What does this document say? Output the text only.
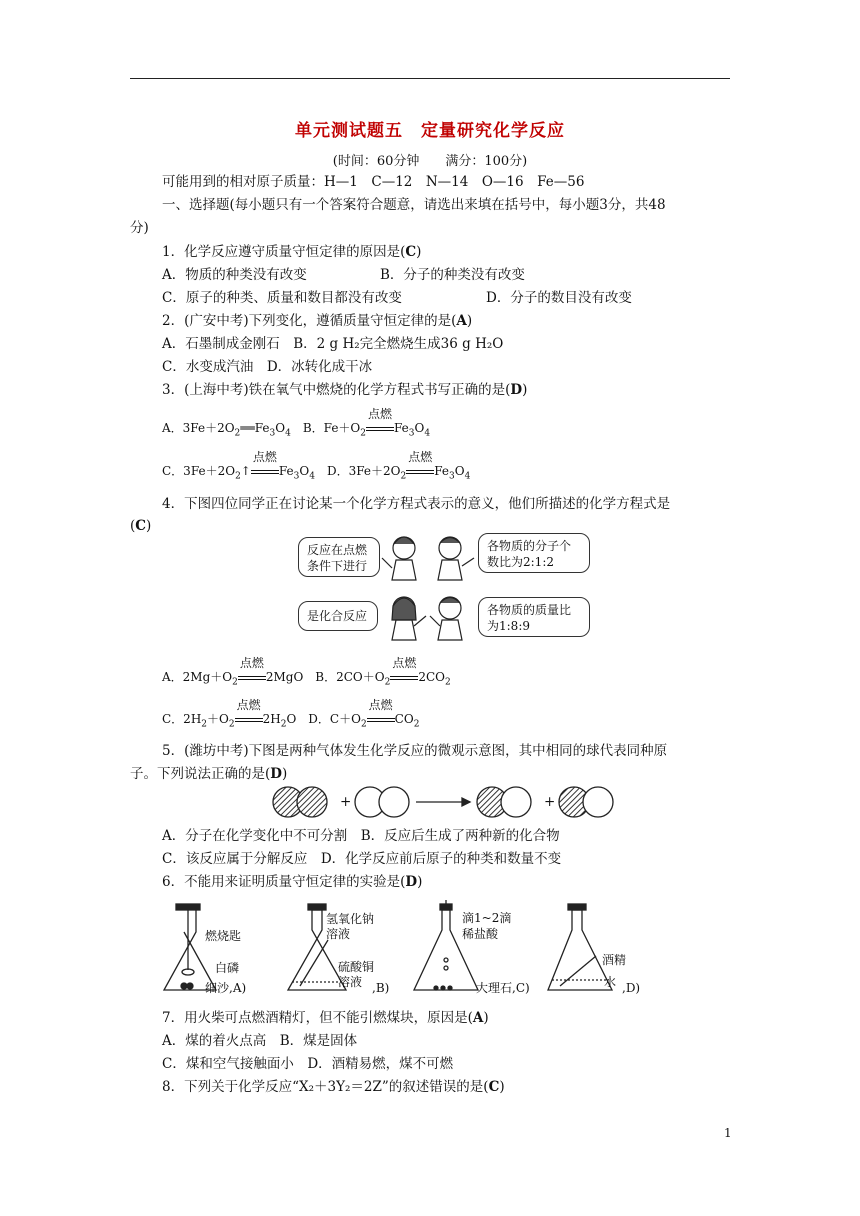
单元测试题五　定量研究化学反应
(时间：60分钟　　满分：100分)
可能用到的相对原子质量：H—1　C—12　N—14　O—16　Fe—56
一、选择题(每小题只有一个答案符合题意，请选出来填在括号中，每小题3分，共48
分)
1．化学反应遵守质量守恒定律的原因是(C)
A．物质的种类没有改变	B．分子的种类没有改变
C．原子的种类、质量和数目都没有改变	D．分子的数目没有改变
2．(广安中考)下列变化，遵循质量守恒定律的是(A)
A．石墨制成金刚石　B．2 g H₂完全燃烧生成36 g H₂O
C．水变成汽油　D．冰转化成干冰
3．(上海中考)铁在氧气中燃烧的化学方程式书写正确的是(D)
A．$3Fe+2O_2══Fe_3O_4$　B．$Fe+O_2$
点燃
$Fe_3O_4$
C．$3Fe+2O_2↑$
点燃
$Fe_3O_4$　D．$3Fe+2O_2$
点燃
$Fe_3O_4$
4．下图四位同学正在讨论某一个化学方程式表示的意义，他们所描述的化学方程式是
(C)
反应在点燃条件下进行
各物质的分子个数比为2:1:2
是化合反应	各物质的质量比为1:8:9
A．$2Mg+O_2$
点燃
2MgO　B．$2CO+O_2$
点燃
$2CO_2$
C．$2H_2+O_2$
点燃
$2H_2O$　D．$C+O_2$
点燃
$CO_2$
5．(潍坊中考)下图是两种气体发生化学反应的微观示意图，其中相同的球代表同种原
子。下列说法正确的是(D)
+	+
A．分子在化学变化中不可分割　B．反应后生成了两种新的化合物
C．该反应属于分解反应　D．化学反应前后原子的种类和数量不变
6．不能用来证明质量守恒定律的实验是(D)
燃烧匙
白磷
细沙,A)
氢氧化钠
溶液
硫酸铜
溶液 ,B)
滴1~2滴
稀盐酸
大理石,C)
酒精
水 ,D)
7．用火柴可点燃酒精灯，但不能引燃煤块，原因是(A)
A．煤的着火点高　B．煤是固体
C．煤和空气接触面小　D．酒精易燃，煤不可燃
8．下列关于化学反应“X₂＋3Y₂＝2Z”的叙述错误的是(C)
1
